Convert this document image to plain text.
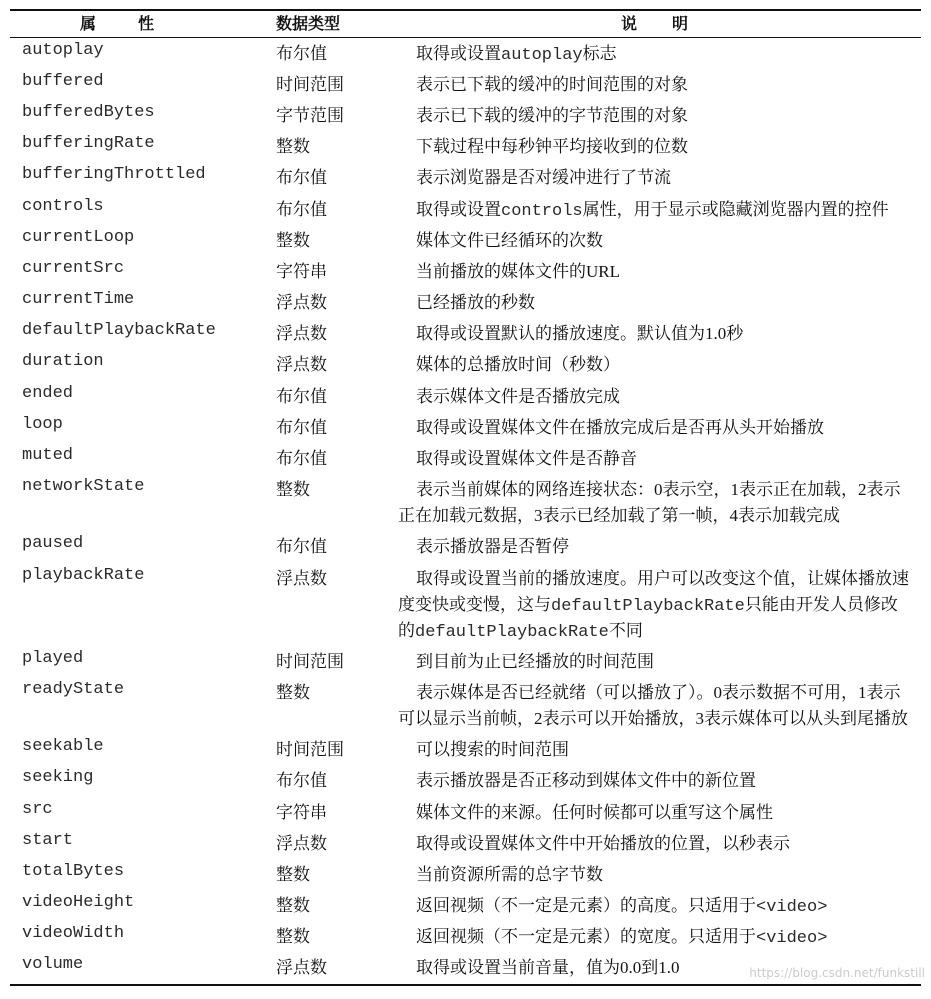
属　性	数据类型	说　明
autoplay	布尔值	取得或设置autoplay标志
buffered	时间范围	表示已下载的缓冲的时间范围的对象
bufferedBytes	字节范围	表示已下载的缓冲的字节范围的对象
bufferingRate	整数	下载过程中每秒钟平均接收到的位数
bufferingThrottled	布尔值	表示浏览器是否对缓冲进行了节流
controls	布尔值	取得或设置controls属性，用于显示或隐藏浏览器内置的控件
currentLoop	整数	媒体文件已经循环的次数
currentSrc	字符串	当前播放的媒体文件的URL
currentTime	浮点数	已经播放的秒数
defaultPlaybackRate	浮点数	取得或设置默认的播放速度。默认值为1.0秒
duration	浮点数	媒体的总播放时间（秒数）
ended	布尔值	表示媒体文件是否播放完成
loop	布尔值	取得或设置媒体文件在播放完成后是否再从头开始播放
muted	布尔值	取得或设置媒体文件是否静音
networkState	整数	表示当前媒体的网络连接状态：0表示空，1表示正在加载，2表示
正在加载元数据，3表示已经加载了第一帧，4表示加载完成
paused	布尔值	表示播放器是否暂停
playbackRate	浮点数	取得或设置当前的播放速度。用户可以改变这个值，让媒体播放速
度变快或变慢，这与defaultPlaybackRate只能由开发人员修改
的defaultPlaybackRate不同
played	时间范围	到目前为止已经播放的时间范围
readyState	整数	表示媒体是否已经就绪（可以播放了）。0表示数据不可用，1表示
可以显示当前帧，2表示可以开始播放，3表示媒体可以从头到尾播放
seekable	时间范围	可以搜索的时间范围
seeking	布尔值	表示播放器是否正移动到媒体文件中的新位置
src	字符串	媒体文件的来源。任何时候都可以重写这个属性
start	浮点数	取得或设置媒体文件中开始播放的位置，以秒表示
totalBytes	整数	当前资源所需的总字节数
videoHeight	整数	返回视频（不一定是元素）的高度。只适用于<video>
videoWidth	整数	返回视频（不一定是元素）的宽度。只适用于<video>
volume	浮点数	取得或设置当前音量，值为0.0到1.0	https://blog.csdn.net/funkstill
